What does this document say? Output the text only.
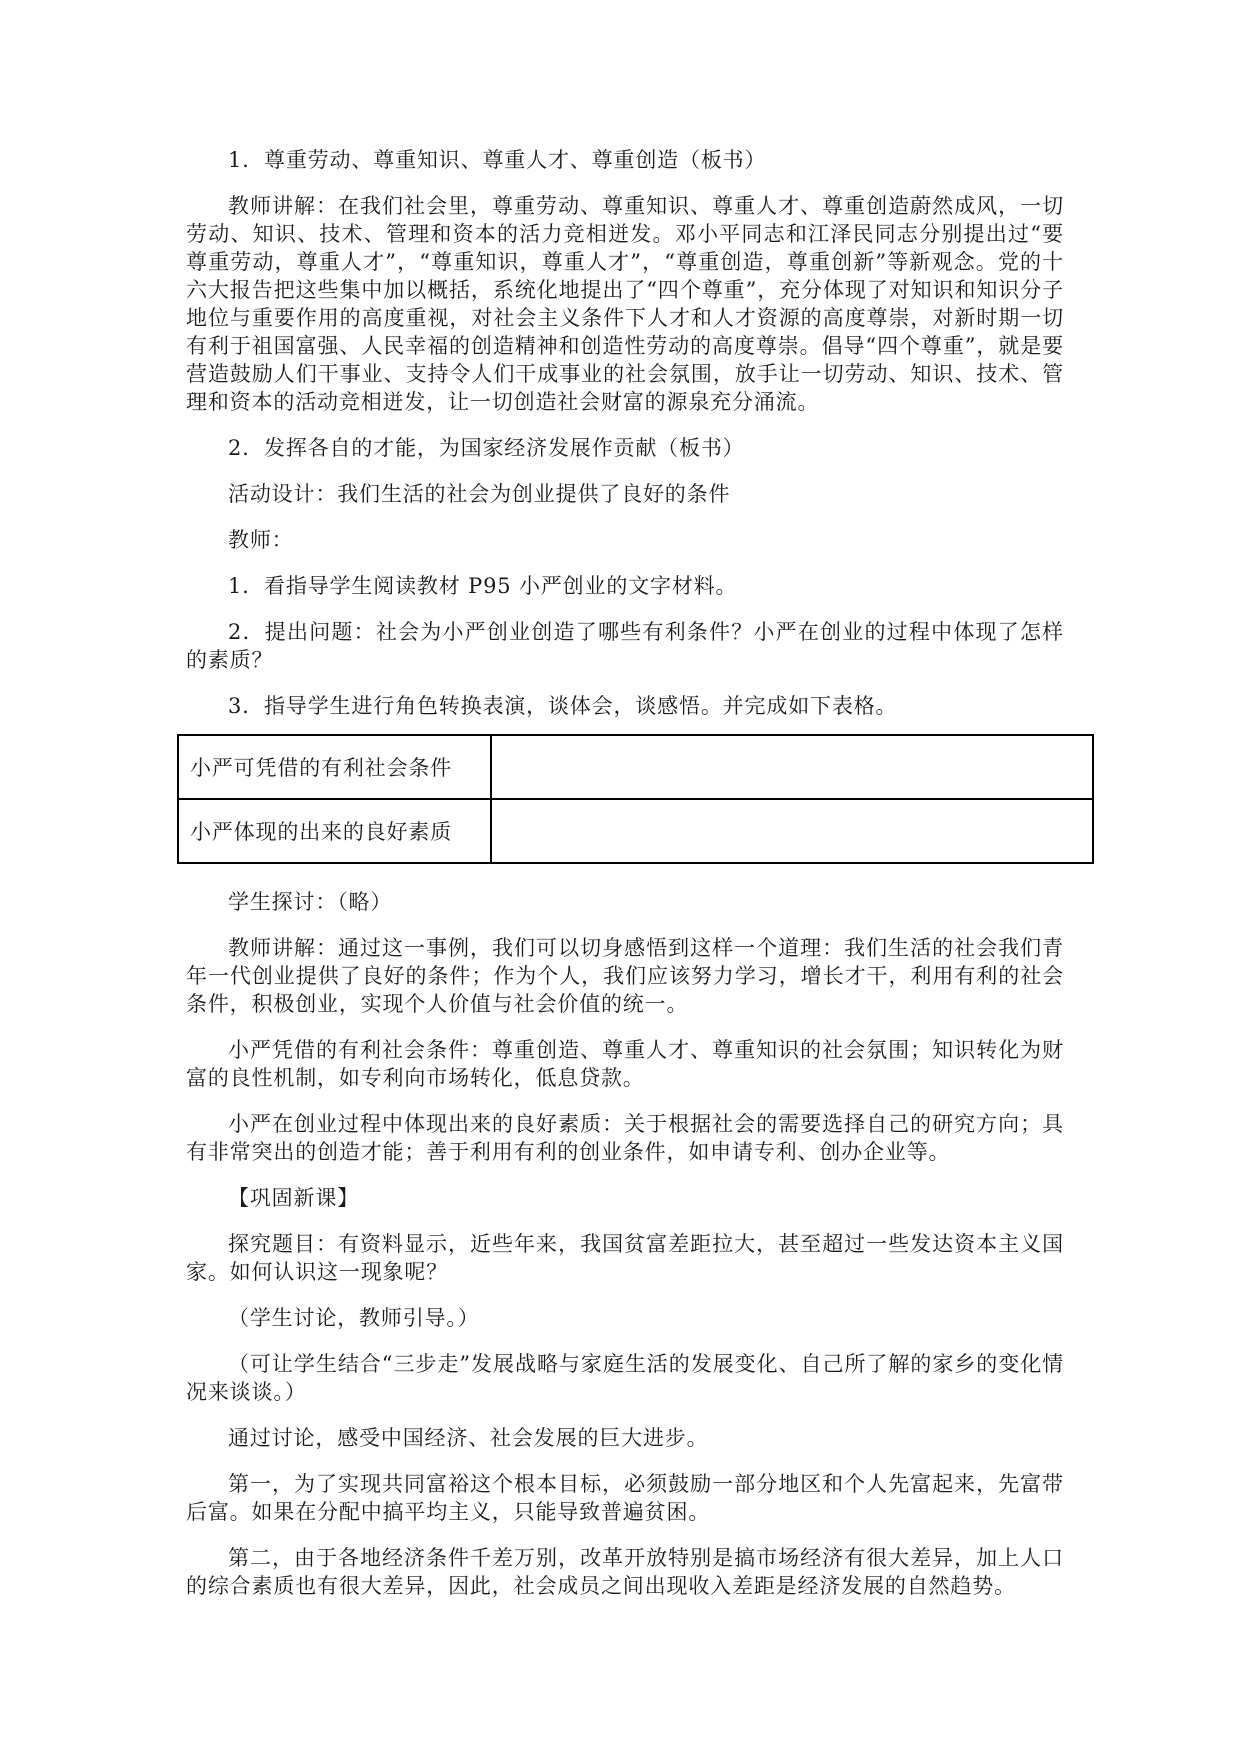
1．尊重劳动、尊重知识、尊重人才、尊重创造（板书）

教师讲解：在我们社会里，尊重劳动、尊重知识、尊重人才、尊重创造蔚然成风，一切劳动、知识、技术、管理和资本的活力竞相迸发。邓小平同志和江泽民同志分别提出过“要尊重劳动，尊重人才”，“尊重知识，尊重人才”，“尊重创造，尊重创新”等新观念。党的十六大报告把这些集中加以概括，系统化地提出了“四个尊重”，充分体现了对知识和知识分子地位与重要作用的高度重视，对社会主义条件下人才和人才资源的高度尊崇，对新时期一切有利于祖国富强、人民幸福的创造精神和创造性劳动的高度尊崇。倡导“四个尊重”，就是要营造鼓励人们干事业、支持令人们干成事业的社会氛围，放手让一切劳动、知识、技术、管理和资本的活动竞相迸发，让一切创造社会财富的源泉充分涌流。

2．发挥各自的才能，为国家经济发展作贡献（板书）

活动设计：我们生活的社会为创业提供了良好的条件

教师：

1．看指导学生阅读教材 P95 小严创业的文字材料。

2．提出问题：社会为小严创业创造了哪些有利条件？小严在创业的过程中体现了怎样的素质？

3．指导学生进行角色转换表演，谈体会，谈感悟。并完成如下表格。

小严可凭借的有利社会条件	
小严体现的出来的良好素质	

学生探讨：（略）

教师讲解：通过这一事例，我们可以切身感悟到这样一个道理：我们生活的社会我们青年一代创业提供了良好的条件；作为个人，我们应该努力学习，增长才干，利用有利的社会条件，积极创业，实现个人价值与社会价值的统一。

小严凭借的有利社会条件：尊重创造、尊重人才、尊重知识的社会氛围；知识转化为财富的良性机制，如专利向市场转化，低息贷款。

小严在创业过程中体现出来的良好素质：关于根据社会的需要选择自己的研究方向；具有非常突出的创造才能；善于利用有利的创业条件，如申请专利、创办企业等。

【巩固新课】

探究题目：有资料显示，近些年来，我国贫富差距拉大，甚至超过一些发达资本主义国家。如何认识这一现象呢？

（学生讨论，教师引导。）

（可让学生结合“三步走”发展战略与家庭生活的发展变化、自己所了解的家乡的变化情况来谈谈。）

通过讨论，感受中国经济、社会发展的巨大进步。

第一，为了实现共同富裕这个根本目标，必须鼓励一部分地区和个人先富起来，先富带后富。如果在分配中搞平均主义，只能导致普遍贫困。

第二，由于各地经济条件千差万别，改革开放特别是搞市场经济有很大差异，加上人口的综合素质也有很大差异，因此，社会成员之间出现收入差距是经济发展的自然趋势。
